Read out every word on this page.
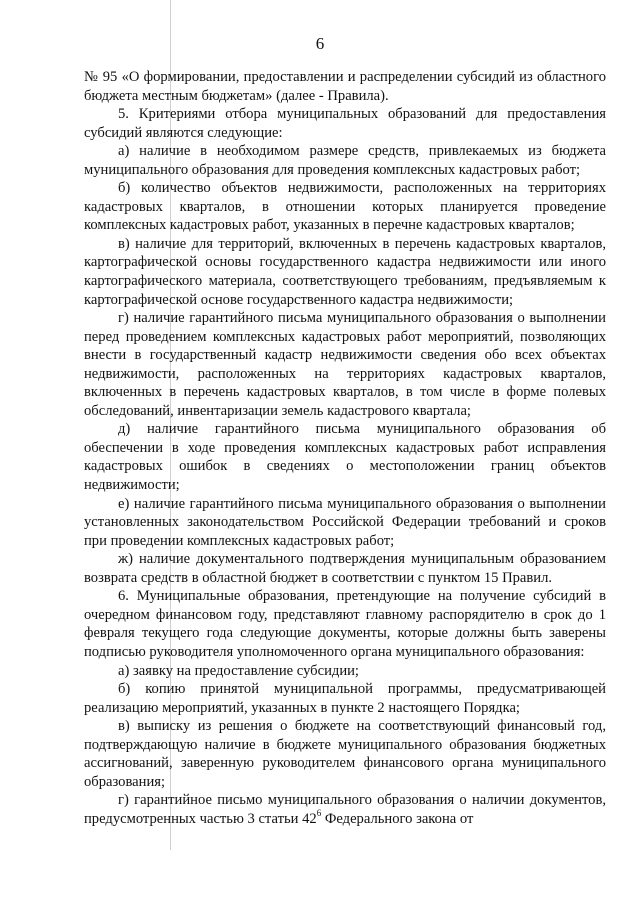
6

№ 95 «О формировании, предоставлении и распределении субсидий из областного бюджета местным бюджетам» (далее - Правила).

5. Критериями отбора муниципальных образований для предоставления субсидий являются следующие:

а) наличие в необходимом размере средств, привлекаемых из бюджета муниципального образования для проведения комплексных кадастровых работ;

б) количество объектов недвижимости, расположенных на территориях кадастровых кварталов, в отношении которых планируется проведение комплексных кадастровых работ, указанных в перечне кадастровых кварталов;

в) наличие для территорий, включенных в перечень кадастровых кварталов, картографической основы государственного кадастра недвижимости или иного картографического материала, соответствующего требованиям, предъявляемым к картографической основе государственного кадастра недвижимости;

г) наличие гарантийного письма муниципального образования о выполнении перед проведением комплексных кадастровых работ мероприятий, позволяющих внести в государственный кадастр недвижимости сведения обо всех объектах недвижимости, расположенных на территориях кадастровых кварталов, включенных в перечень кадастровых кварталов, в том числе в форме полевых обследований, инвентаризации земель кадастрового квартала;

д) наличие гарантийного письма муниципального образования об обеспечении в ходе проведения комплексных кадастровых работ исправления кадастровых ошибок в сведениях о местоположении границ объектов недвижимости;

е) наличие гарантийного письма муниципального образования о выполнении установленных законодательством Российской Федерации требований и сроков при проведении комплексных кадастровых работ;

ж) наличие документального подтверждения муниципальным образованием возврата средств в областной бюджет в соответствии с пунктом 15 Правил.

6. Муниципальные образования, претендующие на получение субсидий в очередном финансовом году, представляют главному распорядителю в срок до 1 февраля текущего года следующие документы, которые должны быть заверены подписью руководителя уполномоченного органа муниципального образования:

а) заявку на предоставление субсидии;

б) копию принятой муниципальной программы, предусматривающей реализацию мероприятий, указанных в пункте 2 настоящего Порядка;

в) выписку из решения о бюджете на соответствующий финансовый год, подтверждающую наличие в бюджете муниципального образования бюджетных ассигнований, заверенную руководителем финансового органа муниципального образования;

г) гарантийное письмо муниципального образования о наличии документов, предусмотренных частью 3 статьи $42^6$ Федерального закона от
